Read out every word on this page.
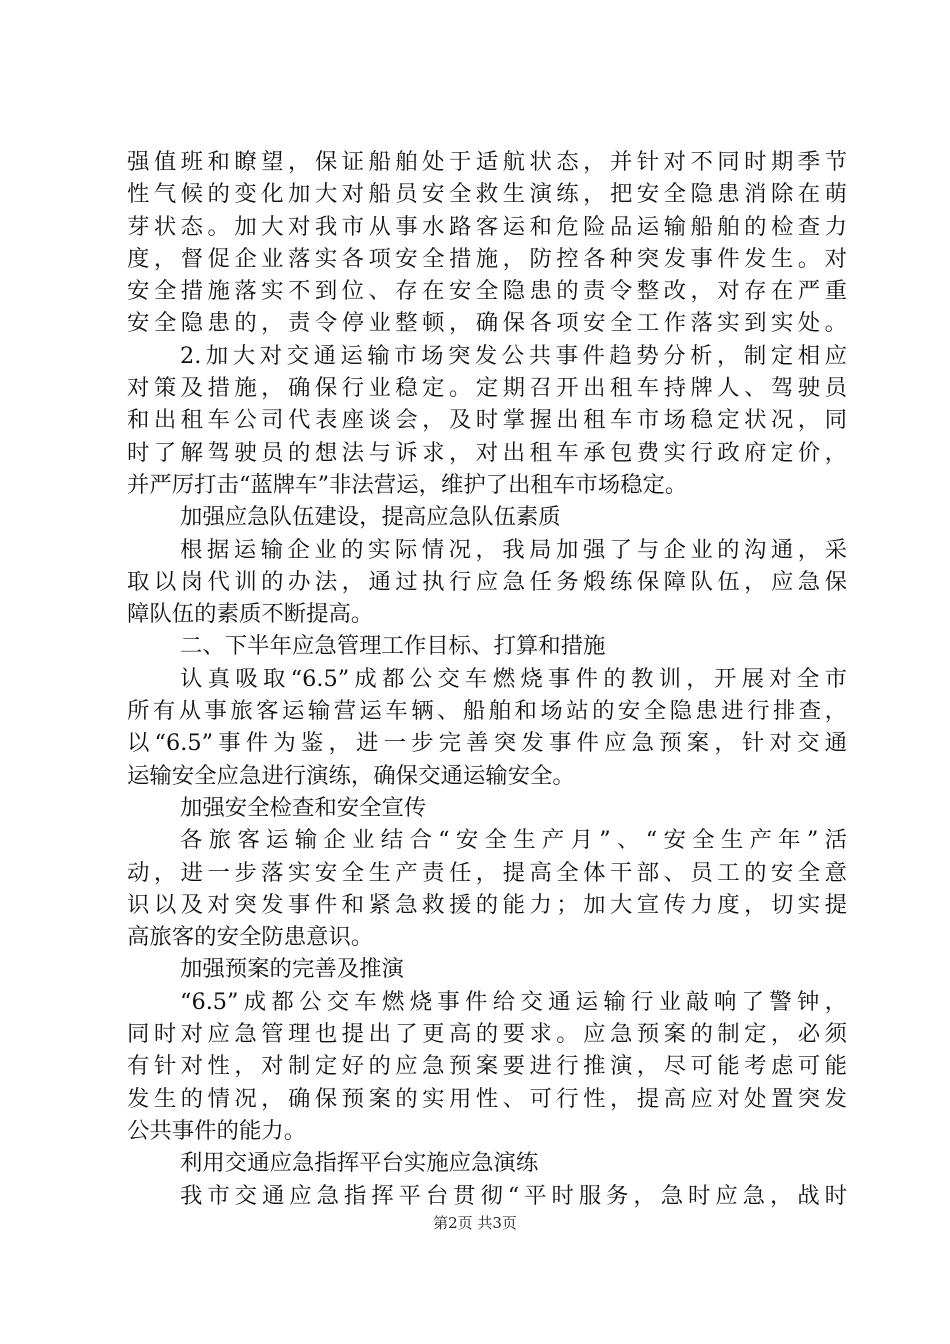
强值班和瞭望，保证船舶处于适航状态，并针对不同时期季节
性气候的变化加大对船员安全救生演练，把安全隐患消除在萌
芽状态。加大对我市从事水路客运和危险品运输船舶的检查力
度，督促企业落实各项安全措施，防控各种突发事件发生。对
安全措施落实不到位、存在安全隐患的责令整改，对存在严重
安全隐患的，责令停业整顿，确保各项安全工作落实到实处。
2.加大对交通运输市场突发公共事件趋势分析，制定相应
对策及措施，确保行业稳定。定期召开出租车持牌人、驾驶员
和出租车公司代表座谈会，及时掌握出租车市场稳定状况，同
时了解驾驶员的想法与诉求，对出租车承包费实行政府定价，
并严厉打击“蓝牌车”非法营运，维护了出租车市场稳定。
加强应急队伍建设，提高应急队伍素质
根据运输企业的实际情况，我局加强了与企业的沟通，采
取以岗代训的办法，通过执行应急任务煅练保障队伍，应急保
障队伍的素质不断提高。
二、下半年应急管理工作目标、打算和措施
认真吸取“6.5”成都公交车燃烧事件的教训，开展对全市
所有从事旅客运输营运车辆、船舶和场站的安全隐患进行排查，
以“6.5”事件为鉴，进一步完善突发事件应急预案，针对交通
运输安全应急进行演练，确保交通运输安全。
加强安全检查和安全宣传
各旅客运输企业结合“安全生产月”、“安全生产年”活
动，进一步落实安全生产责任，提高全体干部、员工的安全意
识以及对突发事件和紧急救援的能力；加大宣传力度，切实提
高旅客的安全防患意识。
加强预案的完善及推演
“6.5”成都公交车燃烧事件给交通运输行业敲响了警钟，
同时对应急管理也提出了更高的要求。应急预案的制定，必须
有针对性，对制定好的应急预案要进行推演，尽可能考虑可能
发生的情况，确保预案的实用性、可行性，提高应对处置突发
公共事件的能力。
利用交通应急指挥平台实施应急演练
我市交通应急指挥平台贯彻“平时服务，急时应急，战时
第2页 共3页
